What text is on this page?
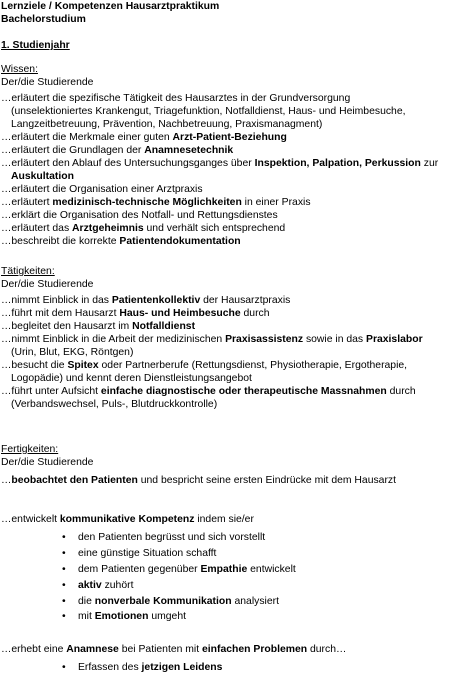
Lernziele / Kompetenzen Hausarztpraktikum
Bachelorstudium
1. Studienjahr
Wissen:
Der/die Studierende
…erläutert die spezifische Tätigkeit des Hausarztes in der Grundversorgung
(unselektioniertes Krankengut, Triagefunktion, Notfalldienst, Haus- und Heimbesuche,
Langzeitbetreuung, Prävention, Nachbetreuung, Praxismanagment)
…erläutert die Merkmale einer guten Arzt-Patient-Beziehung
…erläutert die Grundlagen der Anamnesetechnik
…erläutert den Ablauf des Untersuchungsganges über Inspektion, Palpation, Perkussion zur
Auskultation
…erläutert die Organisation einer Arztpraxis
…erläutert medizinisch-technische Möglichkeiten in einer Praxis
…erklärt die Organisation des Notfall- und Rettungsdienstes
…erläutert das Arztgeheimnis und verhält sich entsprechend
…beschreibt die korrekte Patientendokumentation
Tätigkeiten:
Der/die Studierende
…nimmt Einblick in das Patientenkollektiv der Hausarztpraxis
…führt mit dem Hausarzt Haus- und Heimbesuche durch
…begleitet den Hausarzt im Notfalldienst
…nimmt Einblick in die Arbeit der medizinischen Praxisassistenz sowie in das Praxislabor
(Urin, Blut, EKG, Röntgen)
…besucht die Spitex oder Partnerberufe (Rettungsdienst, Physiotherapie, Ergotherapie,
Logopädie) und kennt deren Dienstleistungsangebot
…führt unter Aufsicht einfache diagnostische oder therapeutische Massnahmen durch
(Verbandswechsel, Puls-, Blutdruckkontrolle)
Fertigkeiten:
Der/die Studierende
…beobachtet den Patienten und bespricht seine ersten Eindrücke mit dem Hausarzt
…entwickelt kommunikative Kompetenz indem sie/er
• den Patienten begrüsst und sich vorstellt
• eine günstige Situation schafft
• dem Patienten gegenüber Empathie entwickelt
• aktiv zuhört
• die nonverbale Kommunikation analysiert
• mit Emotionen umgeht
…erhebt eine Anamnese bei Patienten mit einfachen Problemen durch…
• Erfassen des jetzigen Leidens
